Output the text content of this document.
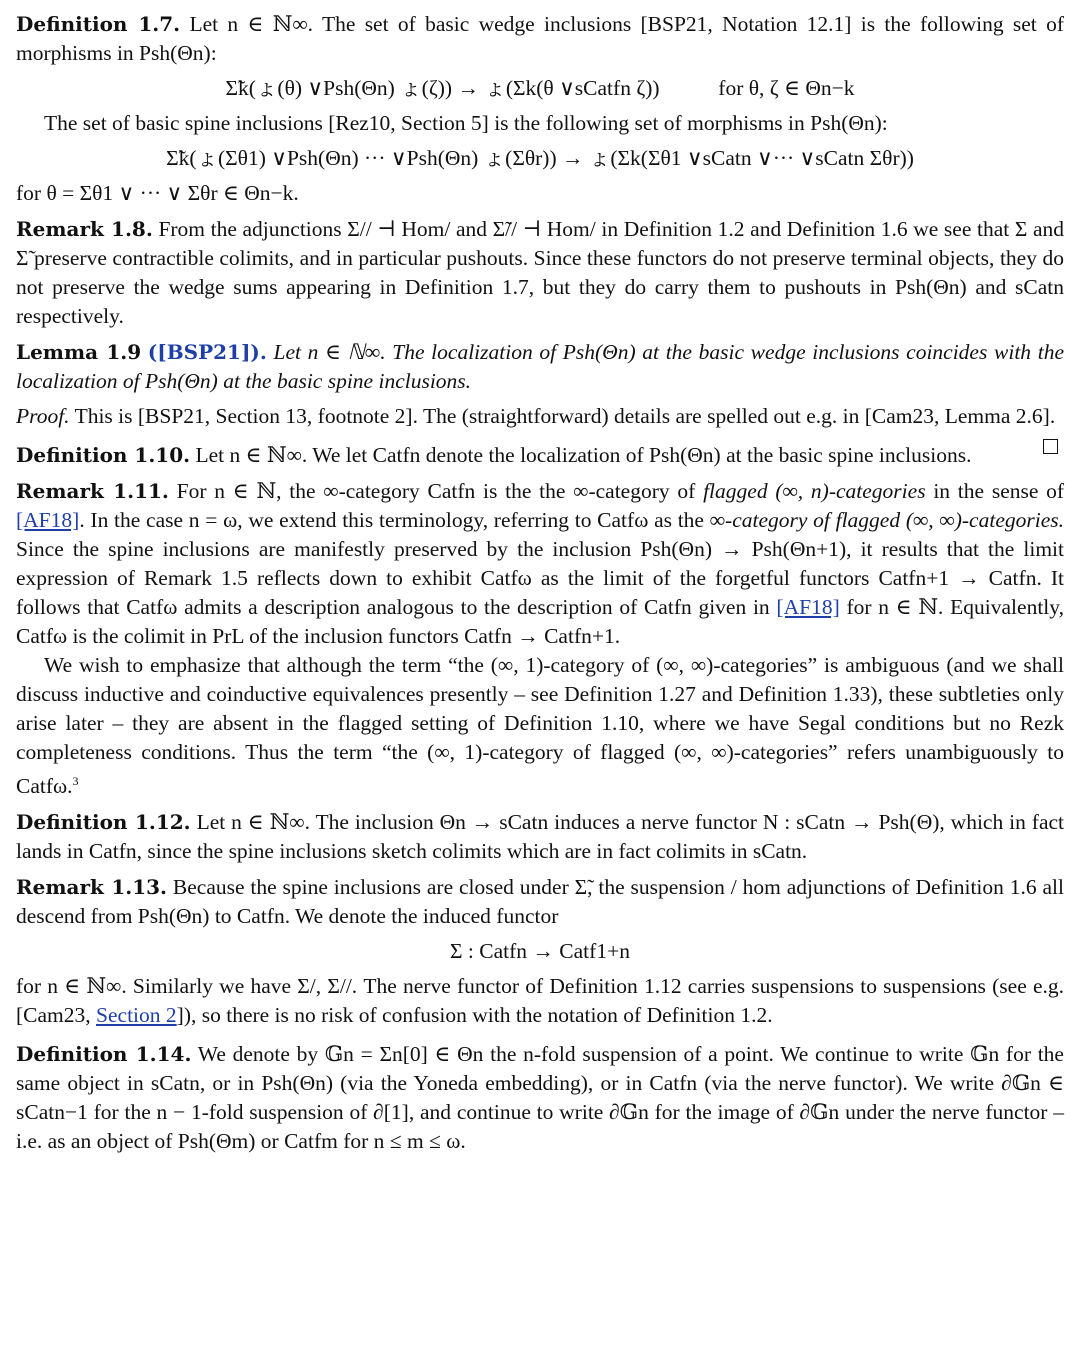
Definition 1.7. Let n ∈ ℕ∞. The set of basic wedge inclusions [BSP21, Notation 12.1] is the following set of morphisms in Psh(Θn):

Σ̃k(ょ(θ) ∨Psh(Θn) ょ(ζ)) → ょ(Σk(θ ∨sCatfn ζ))	for θ, ζ ∈ Θn−k

The set of basic spine inclusions [Rez10, Section 5] is the following set of morphisms in Psh(Θn):

Σ̃k(ょ(Σθ1) ∨Psh(Θn) ··· ∨Psh(Θn) ょ(Σθr)) → ょ(Σk(Σθ1 ∨sCatn ∨··· ∨sCatn Σθr))

for θ = Σθ1 ∨ ··· ∨ Σθr ∈ Θn−k.

Remark 1.8. From the adjunctions Σ// ⊣ Hom/ and Σ̃// ⊣ Hom/ in Definition 1.2 and Definition 1.6 we see that Σ and Σ̃ preserve contractible colimits, and in particular pushouts. Since these functors do not preserve terminal objects, they do not preserve the wedge sums appearing in Definition 1.7, but they do carry them to pushouts in Psh(Θn) and sCatn respectively.

Lemma 1.9 ([BSP21]). Let n ∈ ℕ∞. The localization of Psh(Θn) at the basic wedge inclusions coincides with the localization of Psh(Θn) at the basic spine inclusions.

Proof. This is [BSP21, Section 13, footnote 2]. The (straightforward) details are spelled out e.g. in [Cam23, Lemma 2.6].

Definition 1.10. Let n ∈ ℕ∞. We let Catfn denote the localization of Psh(Θn) at the basic spine inclusions.

Remark 1.11. For n ∈ ℕ, the ∞-category Catfn is the the ∞-category of flagged (∞, n)-categories in the sense of [AF18]. In the case n = ω, we extend this terminology, referring to Catfω as the ∞-category of flagged (∞, ∞)-categories. Since the spine inclusions are manifestly preserved by the inclusion Psh(Θn) → Psh(Θn+1), it results that the limit expression of Remark 1.5 reflects down to exhibit Catfω as the limit of the forgetful functors Catfn+1 → Catfn. It follows that Catfω admits a description analogous to the description of Catfn given in [AF18] for n ∈ ℕ. Equivalently, Catfω is the colimit in PrL of the inclusion functors Catfn → Catfn+1.

We wish to emphasize that although the term “the (∞, 1)-category of (∞, ∞)-categories” is ambiguous (and we shall discuss inductive and coinductive equivalences presently – see Definition 1.27 and Definition 1.33), these subtleties only arise later – they are absent in the flagged setting of Definition 1.10, where we have Segal conditions but no Rezk completeness conditions. Thus the term “the (∞, 1)-category of flagged (∞, ∞)-categories” refers unambiguously to Catfω.$^3$

Definition 1.12. Let n ∈ ℕ∞. The inclusion Θn → sCatn induces a nerve functor N : sCatn → Psh(Θ), which in fact lands in Catfn, since the spine inclusions sketch colimits which are in fact colimits in sCatn.

Remark 1.13. Because the spine inclusions are closed under Σ̃, the suspension / hom adjunctions of Definition 1.6 all descend from Psh(Θn) to Catfn. We denote the induced functor

Σ : Catfn → Catf1+n

for n ∈ ℕ∞. Similarly we have Σ/, Σ//. The nerve functor of Definition 1.12 carries suspensions to suspensions (see e.g. [Cam23, Section 2]), so there is no risk of confusion with the notation of Definition 1.2.

Definition 1.14. We denote by 𝔾n = Σn[0] ∈ Θn the n-fold suspension of a point. We continue to write 𝔾n for the same object in sCatn, or in Psh(Θn) (via the Yoneda embedding), or in Catfn (via the nerve functor). We write ∂𝔾n ∈ sCatn−1 for the n − 1-fold suspension of ∂[1], and continue to write ∂𝔾n for the image of ∂𝔾n under the nerve functor – i.e. as an object of Psh(Θm) or Catfm for n ≤ m ≤ ω.
